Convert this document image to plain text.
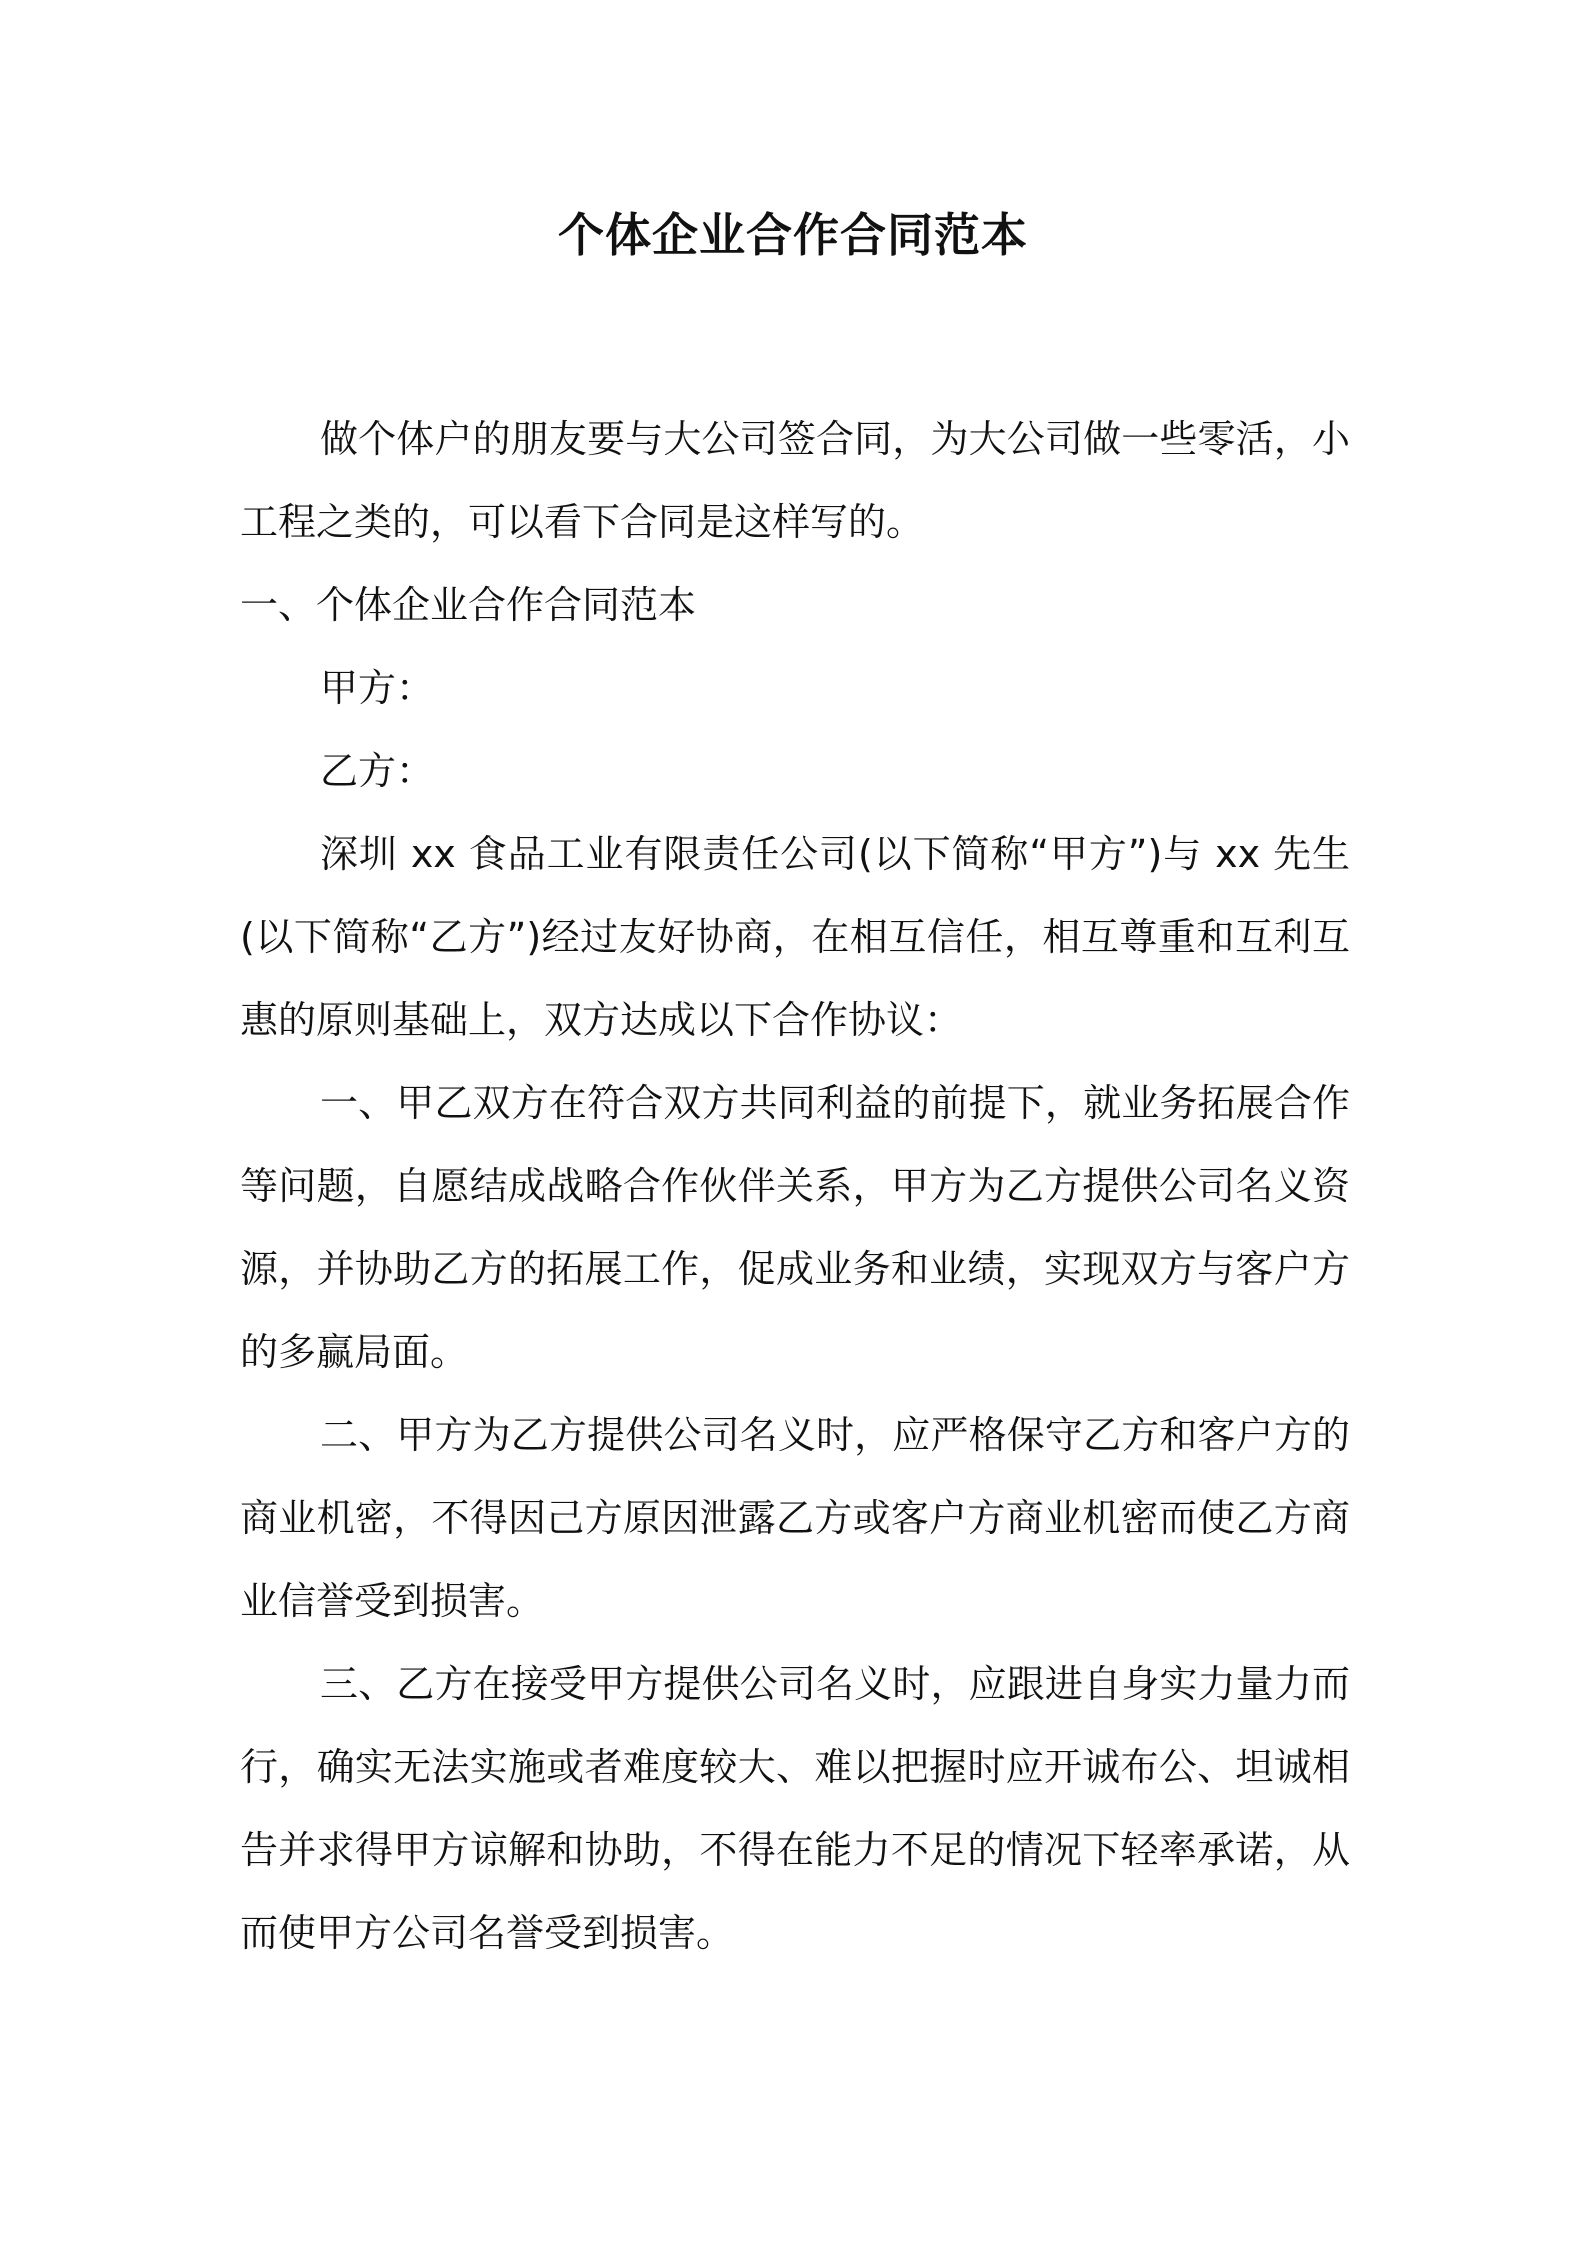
个体企业合作合同范本

做个体户的朋友要与大公司签合同，为大公司做一些零活，小工程之类的，可以看下合同是这样写的。

一、个体企业合作合同范本

甲方：

乙方：

深圳 xx 食品工业有限责任公司(以下简称“甲方”)与 xx 先生(以下简称“乙方”)经过友好协商，在相互信任，相互尊重和互利互惠的原则基础上，双方达成以下合作协议：

一、甲乙双方在符合双方共同利益的前提下，就业务拓展合作等问题，自愿结成战略合作伙伴关系，甲方为乙方提供公司名义资源，并协助乙方的拓展工作，促成业务和业绩，实现双方与客户方的多赢局面。

二、甲方为乙方提供公司名义时，应严格保守乙方和客户方的商业机密，不得因己方原因泄露乙方或客户方商业机密而使乙方商业信誉受到损害。

三、乙方在接受甲方提供公司名义时，应跟进自身实力量力而行，确实无法实施或者难度较大、难以把握时应开诚布公、坦诚相告并求得甲方谅解和协助，不得在能力不足的情况下轻率承诺，从而使甲方公司名誉受到损害。
